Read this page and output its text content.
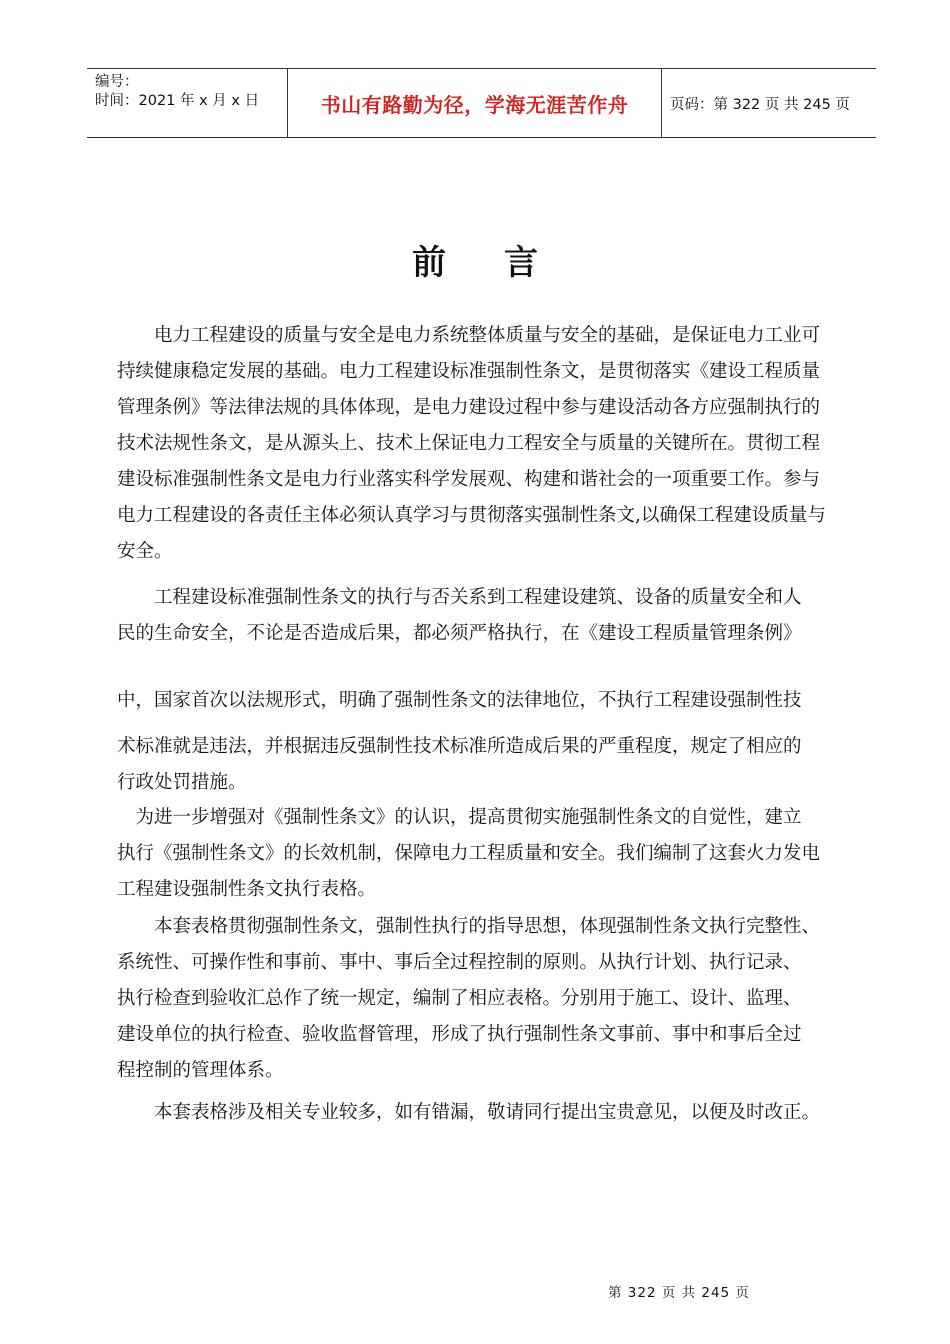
编号：
时间：2021 年 x 月 x 日	书山有路勤为径，学海无涯苦作舟	页码：第 322 页 共 245 页
前言
　　电力工程建设的质量与安全是电力系统整体质量与安全的基础，是保证电力工业可
持续健康稳定发展的基础。电力工程建设标准强制性条文，是贯彻落实《建设工程质量
管理条例》等法律法规的具体体现，是电力建设过程中参与建设活动各方应强制执行的
技术法规性条文，是从源头上、技术上保证电力工程安全与质量的关键所在。贯彻工程
建设标准强制性条文是电力行业落实科学发展观、构建和谐社会的一项重要工作。参与
电力工程建设的各责任主体必须认真学习与贯彻落实强制性条文,以确保工程建设质量与
安全。
　　工程建设标准强制性条文的执行与否关系到工程建设建筑、设备的质量安全和人
民的生命安全，不论是否造成后果，都必须严格执行，在《建设工程质量管理条例》
中，国家首次以法规形式，明确了强制性条文的法律地位，不执行工程建设强制性技
术标准就是违法，并根据违反强制性技术标准所造成后果的严重程度，规定了相应的
行政处罚措施。
　为进一步增强对《强制性条文》的认识，提高贯彻实施强制性条文的自觉性，建立
执行《强制性条文》的长效机制，保障电力工程质量和安全。我们编制了这套火力发电
工程建设强制性条文执行表格。
　　本套表格贯彻强制性条文，强制性执行的指导思想，体现强制性条文执行完整性、
系统性、可操作性和事前、事中、事后全过程控制的原则。从执行计划、执行记录、
执行检查到验收汇总作了统一规定，编制了相应表格。分别用于施工、设计、监理、
建设单位的执行检查、验收监督管理，形成了执行强制性条文事前、事中和事后全过
程控制的管理体系。
　　本套表格涉及相关专业较多，如有错漏，敬请同行提出宝贵意见，以便及时改正。
第 322 页 共 245 页
